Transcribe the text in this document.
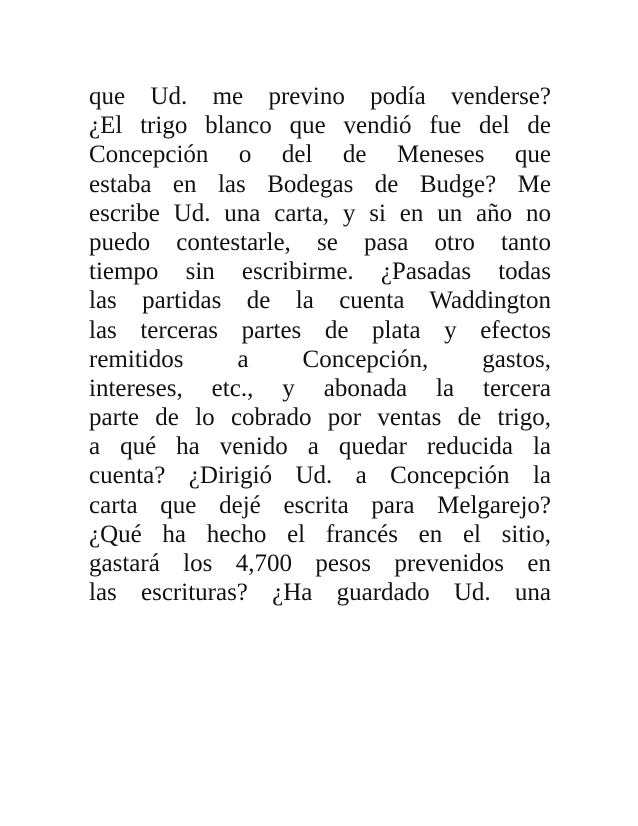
que Ud. me previno podía venderse?
¿El trigo blanco que vendió fue del de
Concepción o del de Meneses que
estaba en las Bodegas de Budge? Me
escribe Ud. una carta, y si en un año no
puedo contestarle, se pasa otro tanto
tiempo sin escribirme. ¿Pasadas todas
las partidas de la cuenta Waddington
las terceras partes de plata y efectos
remitidos a Concepción, gastos,
intereses, etc., y abonada la tercera
parte de lo cobrado por ventas de trigo,
a qué ha venido a quedar reducida la
cuenta? ¿Dirigió Ud. a Concepción la
carta que dejé escrita para Melgarejo?
¿Qué ha hecho el francés en el sitio,
gastará los 4,700 pesos prevenidos en
las escrituras? ¿Ha guardado Ud. una
